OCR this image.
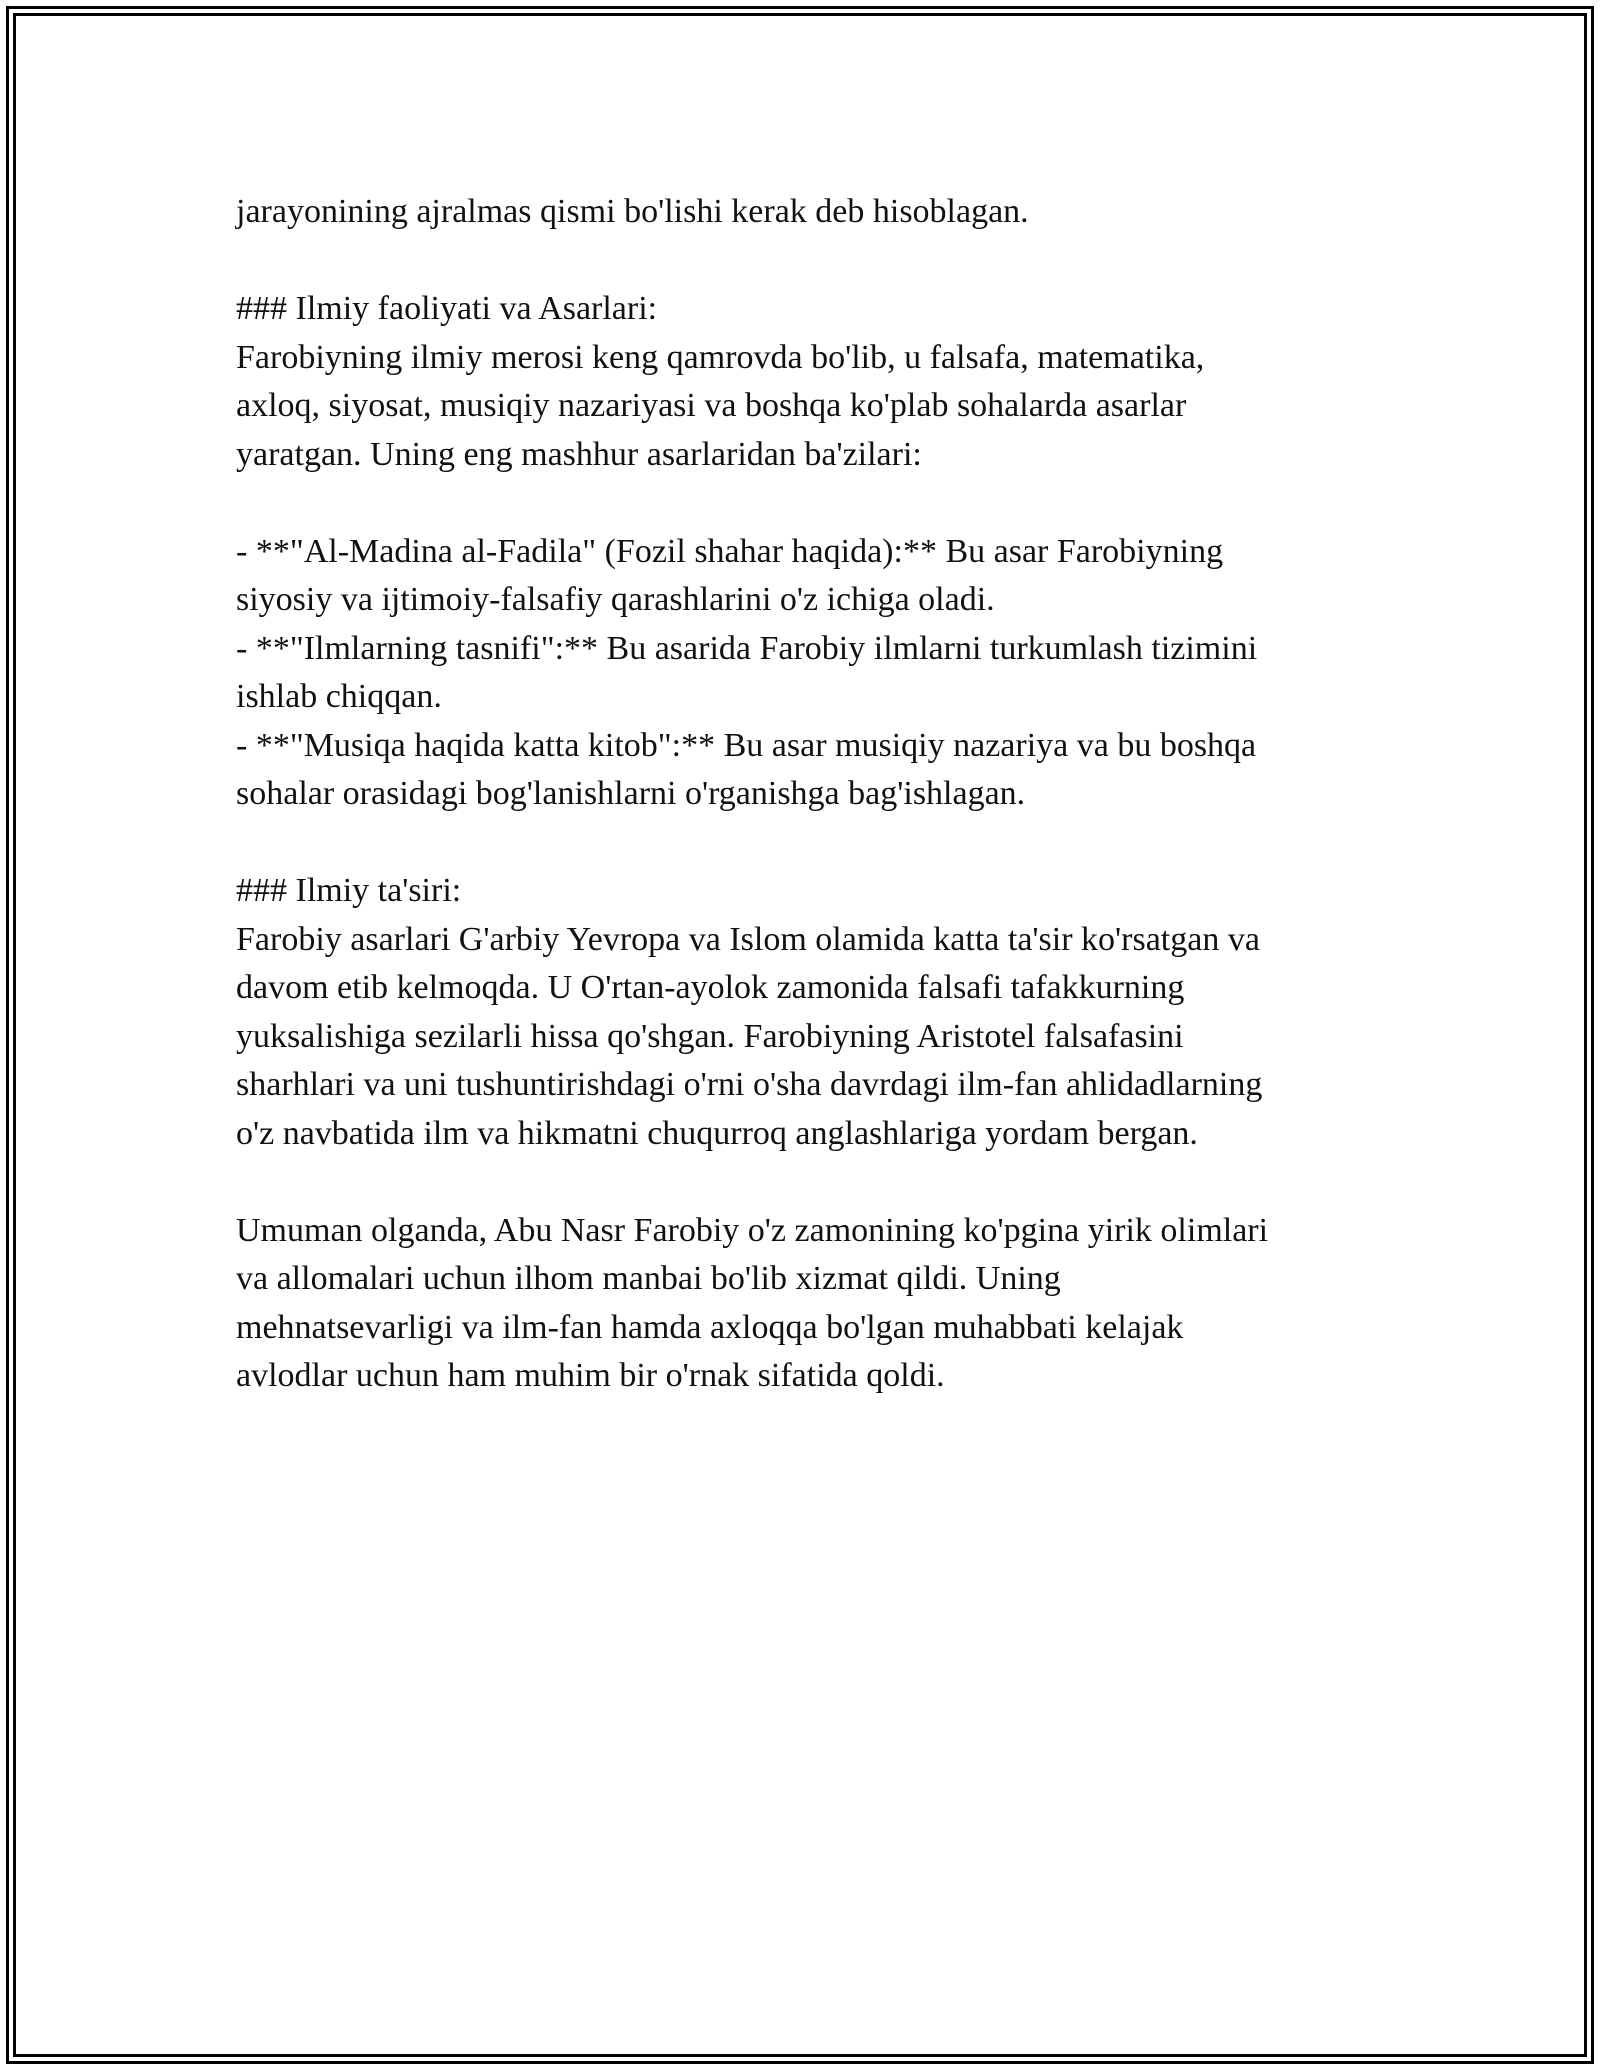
jarayonining ajralmas qismi bo'lishi kerak deb hisoblagan.
### Ilmiy faoliyati va Asarlari:
Farobiyning ilmiy merosi keng qamrovda bo'lib, u falsafa, matematika,
axloq, siyosat, musiqiy nazariyasi va boshqa ko'plab sohalarda asarlar
yaratgan. Uning eng mashhur asarlaridan ba'zilari:
- **"Al-Madina al-Fadila" (Fozil shahar haqida):** Bu asar Farobiyning
siyosiy va ijtimoiy-falsafiy qarashlarini o'z ichiga oladi.
- **"Ilmlarning tasnifi":** Bu asarida Farobiy ilmlarni turkumlash tizimini
ishlab chiqqan.
- **"Musiqa haqida katta kitob":** Bu asar musiqiy nazariya va bu boshqa
sohalar orasidagi bog'lanishlarni o'rganishga bag'ishlagan.
### Ilmiy ta'siri:
Farobiy asarlari G'arbiy Yevropa va Islom olamida katta ta'sir ko'rsatgan va
davom etib kelmoqda. U O'rtan-ayolok zamonida falsafi tafakkurning
yuksalishiga sezilarli hissa qo'shgan. Farobiyning Aristotel falsafasini
sharhlari va uni tushuntirishdagi o'rni o'sha davrdagi ilm-fan ahlidadlarning
o'z navbatida ilm va hikmatni chuqurroq anglashlariga yordam bergan.
Umuman olganda, Abu Nasr Farobiy o'z zamonining ko'pgina yirik olimlari
va allomalari uchun ilhom manbai bo'lib xizmat qildi. Uning
mehnatsevarligi va ilm-fan hamda axloqqa bo'lgan muhabbati kelajak
avlodlar uchun ham muhim bir o'rnak sifatida qoldi.
